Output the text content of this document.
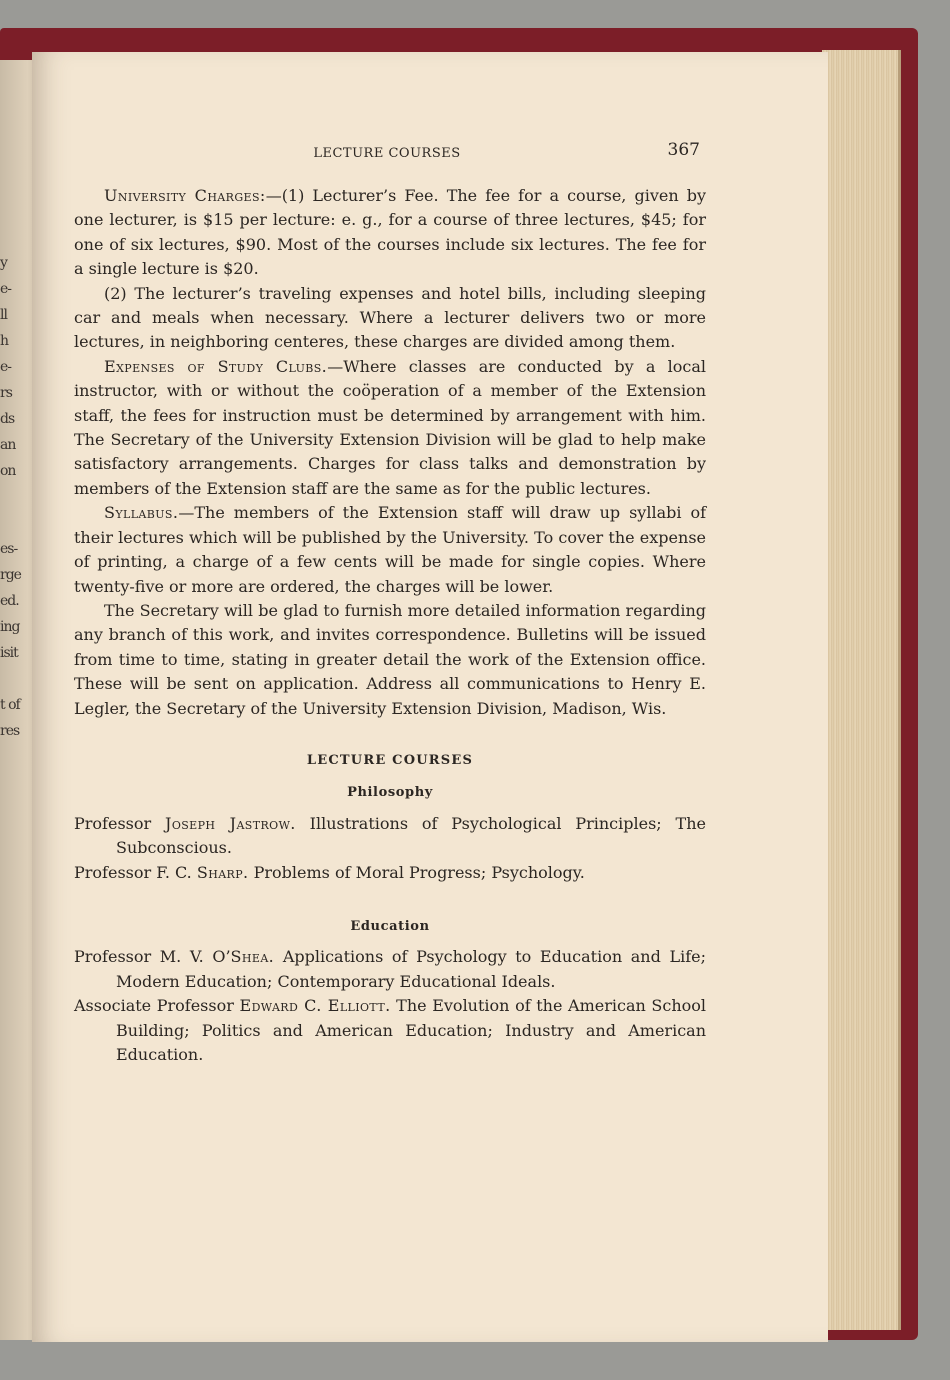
y
e-
ll
h
e-
rs
ds
an
on

es-
rge
ed.
ing
isit

t of
res
LECTURE COURSES	367

University Charges:—(1) Lecturer’s Fee. The fee for a course, given by one lecturer, is $15 per lecture: e. g., for a course of three lectures, $45; for one of six lectures, $90. Most of the courses include six lectures. The fee for a single lecture is $20.

(2) The lecturer’s traveling expenses and hotel bills, including sleeping car and meals when necessary. Where a lecturer delivers two or more lectures, in neighboring centeres, these charges are divided among them.

Expenses of Study Clubs.—Where classes are conducted by a local instructor, with or without the coöperation of a member of the Extension staff, the fees for instruction must be determined by arrangement with him. The Secretary of the University Extension Division will be glad to help make satisfactory arrangements. Charges for class talks and demonstration by members of the Extension staff are the same as for the public lectures.

Syllabus.—The members of the Extension staff will draw up syllabi of their lectures which will be published by the University. To cover the expense of printing, a charge of a few cents will be made for single copies. Where twenty-five or more are ordered, the charges will be lower.

The Secretary will be glad to furnish more detailed information regarding any branch of this work, and invites correspondence. Bulletins will be issued from time to time, stating in greater detail the work of the Extension office. These will be sent on application. Address all communications to Henry E. Legler, the Secretary of the University Extension Division, Madison, Wis.

LECTURE COURSES
Philosophy

Professor Joseph Jastrow. Illustrations of Psychological Principles; The Subconscious.

Professor F. C. Sharp. Problems of Moral Progress; Psychology.

Education

Professor M. V. O’Shea. Applications of Psychology to Education and Life; Modern Education; Contemporary Educational Ideals.

Associate Professor Edward C. Elliott. The Evolution of the American School Building; Politics and American Education; Industry and American Education.
